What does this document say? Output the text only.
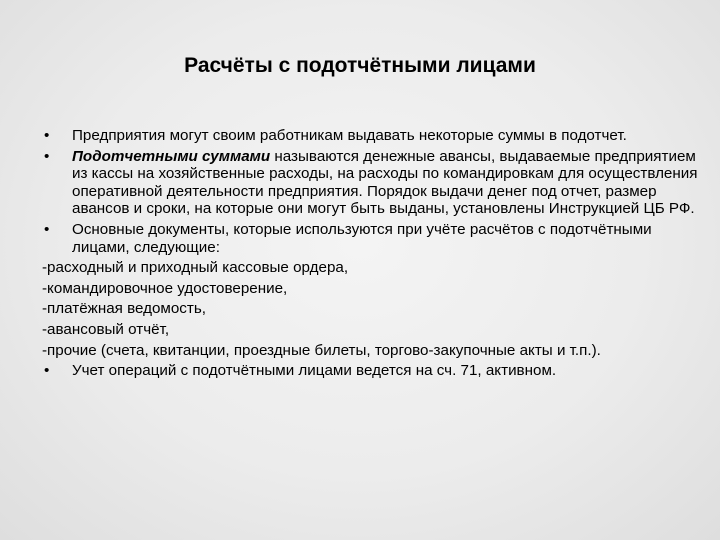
Расчёты с подотчётными лицами
• Предприятия могут своим работникам выдавать некоторые суммы в подотчет.
• Подотчетными суммами называются денежные авансы, выдаваемые предприятием из кассы на хозяйственные расходы, на расходы по командировкам для осуществления оперативной деятельности предприятия. Порядок выдачи денег под отчет, размер авансов и сроки, на которые они могут быть выданы, установлены Инструкцией ЦБ РФ.
• Основные документы, которые используются при учёте расчётов с подотчётными лицами, следующие:
-расходный и приходный кассовые ордера,
-командировочное удостоверение,
-платёжная ведомость,
-авансовый отчёт,
-прочие (счета, квитанции, проездные билеты, торгово-закупочные акты и т.п.).
• Учет операций с подотчётными лицами ведется на сч. 71, активном.
